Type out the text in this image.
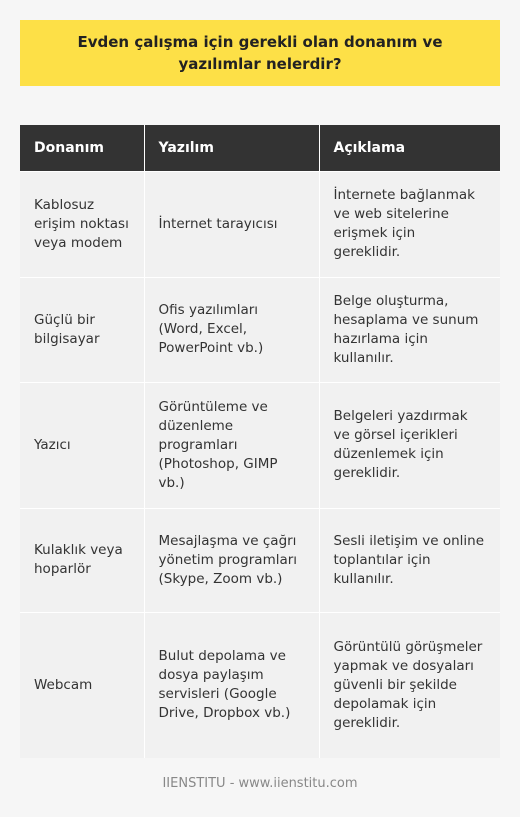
Evden çalışma için gerekli olan donanım ve yazılımlar nelerdir?
Donanım	Yazılım	Açıklama
Kablosuz erişim noktası veya modem	İnternet tarayıcısı	İnternete bağlanmak ve web sitelerine erişmek için gereklidir.
Güçlü bir bilgisayar	Ofis yazılımları (Word, Excel, PowerPoint vb.)	Belge oluşturma, hesaplama ve sunum hazırlama için kullanılır.
Yazıcı	Görüntüleme ve düzenleme programları (Photoshop, GIMP vb.)	Belgeleri yazdırmak ve görsel içerikleri düzenlemek için gereklidir.
Kulaklık veya hoparlör	Mesajlaşma ve çağrı yönetim programları (Skype, Zoom vb.)	Sesli iletişim ve online toplantılar için kullanılır.
Webcam	Bulut depolama ve dosya paylaşım servisleri (Google Drive, Dropbox vb.)	Görüntülü görüşmeler yapmak ve dosyaları güvenli bir şekilde depolamak için gereklidir.
IIENSTITU - www.iienstitu.com
